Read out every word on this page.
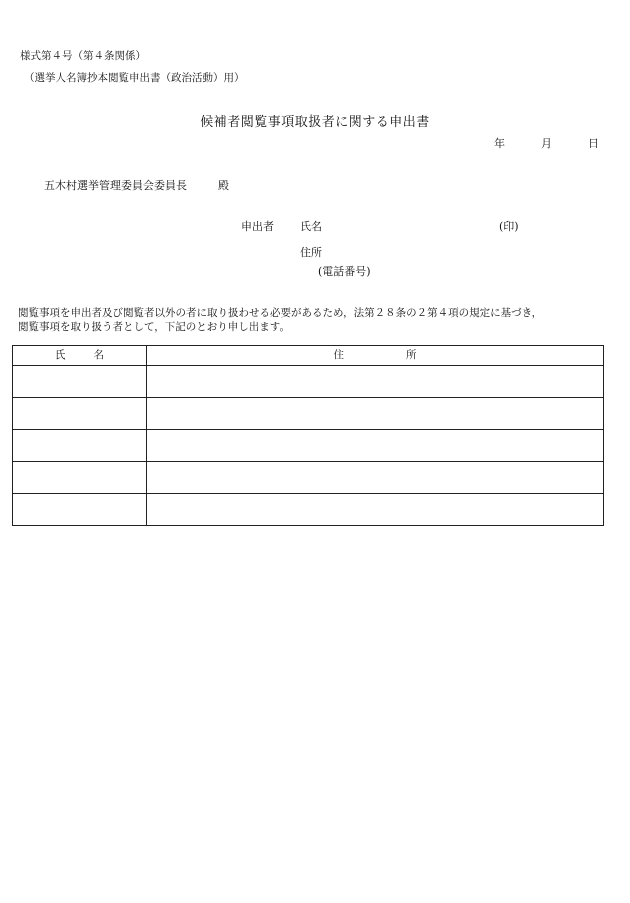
様式第４号（第４条関係）
（選挙人名簿抄本閲覧申出書（政治活動）用）
候補者閲覧事項取扱者に関する申出書
年	月	日
五木村選挙管理委員会委員長	殿
申出者 氏名	(印)
住所
(電話番号)
閲覧事項を申出者及び閲覧者以外の者に取り扱わせる必要があるため，法第２８条の２第４項の規定に基づき，
閲覧事項を取り扱う者として，下記のとおり申し出ます。
氏 名	住 所
